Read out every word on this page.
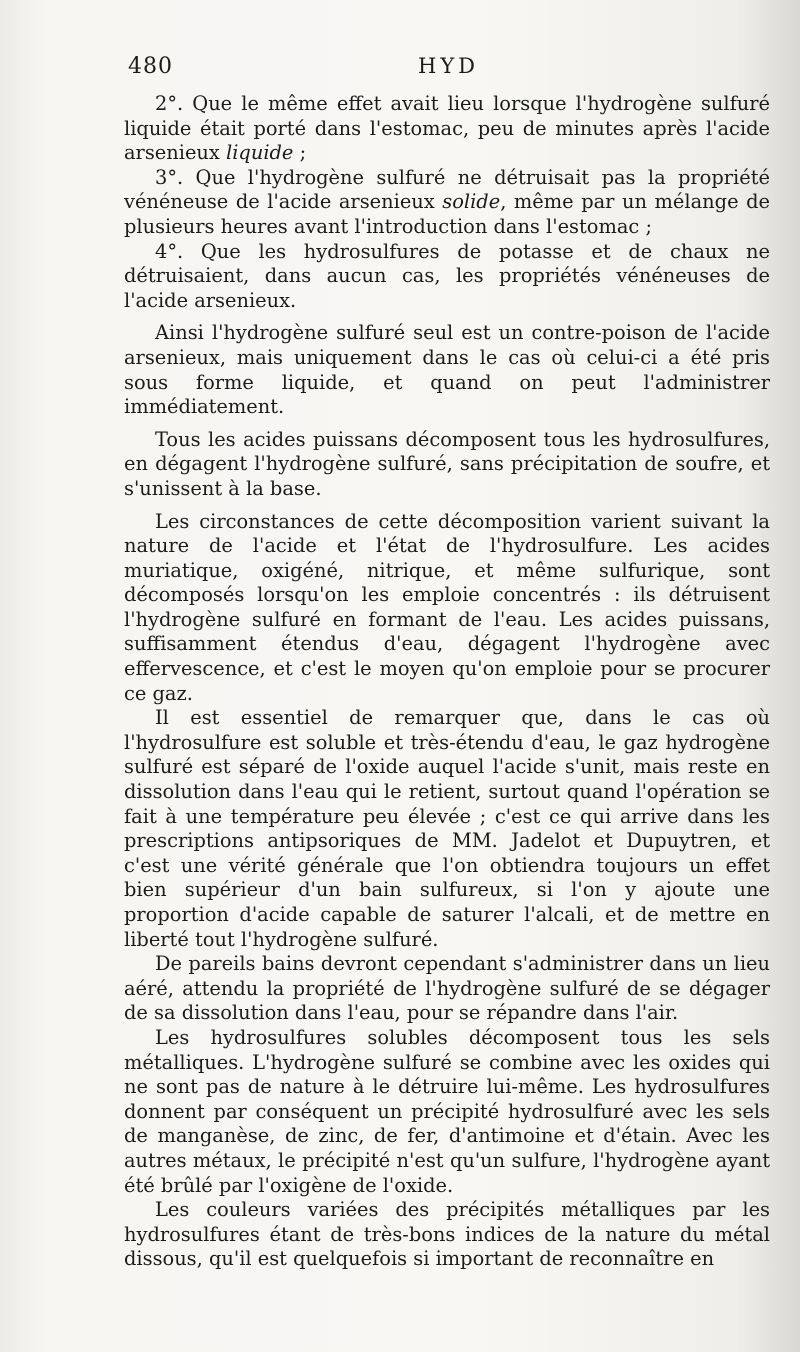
480	HYD

2°. Que le même effet avait lieu lorsque l'hydrogène sulfuré liquide était porté dans l'estomac, peu de minutes après l'acide arsenieux liquide ;

3°. Que l'hydrogène sulfuré ne détruisait pas la propriété vénéneuse de l'acide arsenieux solide, même par un mélange de plusieurs heures avant l'introduction dans l'estomac ;

4°. Que les hydrosulfures de potasse et de chaux ne détruisaient, dans aucun cas, les propriétés vénéneuses de l'acide arsenieux.

Ainsi l'hydrogène sulfuré seul est un contre-poison de l'acide arsenieux, mais uniquement dans le cas où celui-ci a été pris sous forme liquide, et quand on peut l'administrer immédiatement.

Tous les acides puissans décomposent tous les hydrosulfures, en dégagent l'hydrogène sulfuré, sans précipitation de soufre, et s'unissent à la base.

Les circonstances de cette décomposition varient suivant la nature de l'acide et l'état de l'hydrosulfure. Les acides muriatique, oxigéné, nitrique, et même sulfurique, sont décomposés lorsqu'on les emploie concentrés : ils détruisent l'hydrogène sulfuré en formant de l'eau. Les acides puissans, suffisamment étendus d'eau, dégagent l'hydrogène avec effervescence, et c'est le moyen qu'on emploie pour se procurer ce gaz.

Il est essentiel de remarquer que, dans le cas où l'hydrosulfure est soluble et très-étendu d'eau, le gaz hydrogène sulfuré est séparé de l'oxide auquel l'acide s'unit, mais reste en dissolution dans l'eau qui le retient, surtout quand l'opération se fait à une température peu élevée ; c'est ce qui arrive dans les prescriptions antipsoriques de MM. Jadelot et Dupuytren, et c'est une vérité générale que l'on obtiendra toujours un effet bien supérieur d'un bain sulfureux, si l'on y ajoute une proportion d'acide capable de saturer l'alcali, et de mettre en liberté tout l'hydrogène sulfuré.

De pareils bains devront cependant s'administrer dans un lieu aéré, attendu la propriété de l'hydrogène sulfuré de se dégager de sa dissolution dans l'eau, pour se répandre dans l'air.

Les hydrosulfures solubles décomposent tous les sels métalliques. L'hydrogène sulfuré se combine avec les oxides qui ne sont pas de nature à le détruire lui-même. Les hydrosulfures donnent par conséquent un précipité hydrosulfuré avec les sels de manganèse, de zinc, de fer, d'antimoine et d'étain. Avec les autres métaux, le précipité n'est qu'un sulfure, l'hydrogène ayant été brûlé par l'oxigène de l'oxide.

Les couleurs variées des précipités métalliques par les hydrosulfures étant de très-bons indices de la nature du métal dissous, qu'il est quelquefois si important de reconnaître en
